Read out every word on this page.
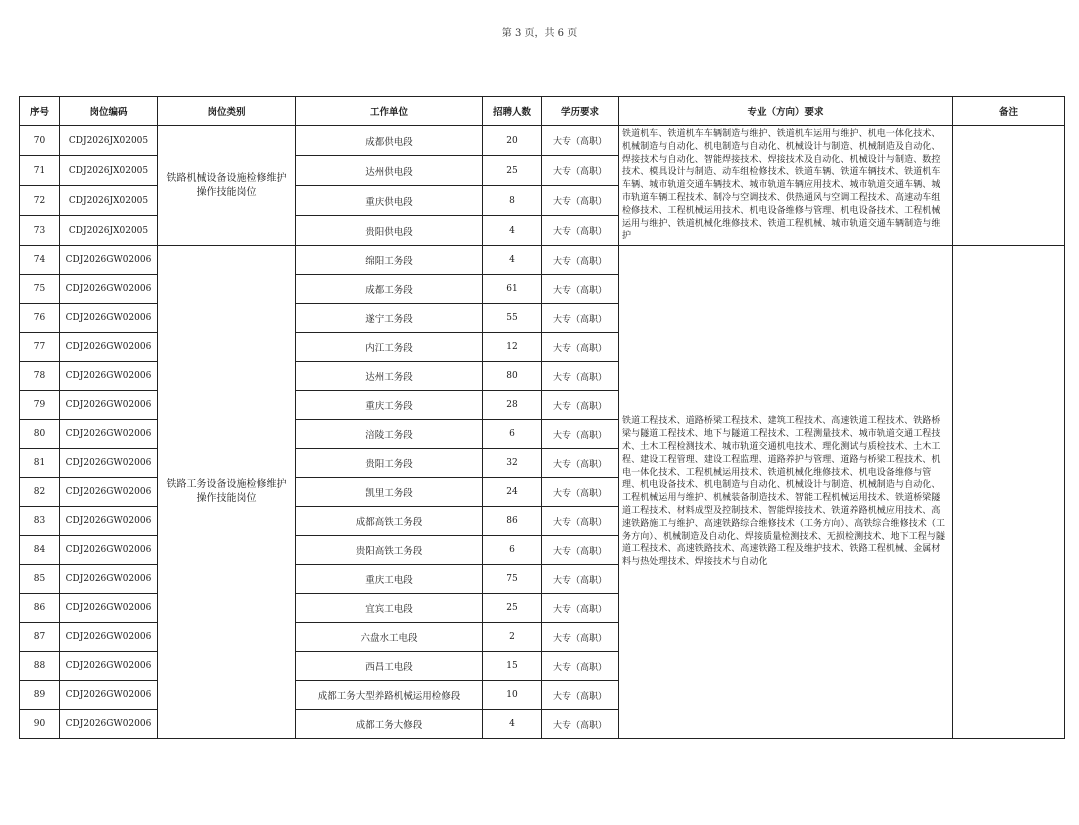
第 3 页，共 6 页
序号	岗位编码	岗位类别	工作单位	招聘人数	学历要求	专业（方向）要求	备注
70	CDJ2026JX02005	铁路机械设备设施检修维护操作技能岗位	成都供电段	20	大专（高职）	铁道机车、铁道机车车辆制造与维护、铁道机车运用与维护、机电一体化技术、机械制造与自动化、机电制造与自动化、机械设计与制造、机械制造及自动化、焊接技术与自动化、智能焊接技术、焊接技术及自动化、机械设计与制造、数控技术、模具设计与制造、动车组检修技术、铁道车辆、铁道车辆技术、铁道机车车辆、城市轨道交通车辆技术、城市轨道车辆应用技术、城市轨道交通车辆、城市轨道车辆工程技术、制冷与空调技术、供热通风与空调工程技术、高速动车组检修技术、工程机械运用技术、机电设备维修与管理、机电设备技术、工程机械运用与维护、铁道机械化维修技术、铁道工程机械、城市轨道交通车辆制造与维护	
71	CDJ2026JX02005		达州供电段	25	大专（高职）		
72	CDJ2026JX02005		重庆供电段	8	大专（高职）		
73	CDJ2026JX02005		贵阳供电段	4	大专（高职）		
74	CDJ2026GW02006	铁路工务设备设施检修维护操作技能岗位	绵阳工务段	4	大专（高职）	铁道工程技术、道路桥梁工程技术、建筑工程技术、高速铁道工程技术、铁路桥梁与隧道工程技术、地下与隧道工程技术、工程测量技术、城市轨道交通工程技术、土木工程检测技术、城市轨道交通机电技术、理化测试与质检技术、土木工程、建设工程管理、建设工程监理、道路养护与管理、道路与桥梁工程技术、机电一体化技术、工程机械运用技术、铁道机械化维修技术、机电设备维修与管理、机电设备技术、机电制造与自动化、机械设计与制造、机械制造与自动化、工程机械运用与维护、机械装备制造技术、智能工程机械运用技术、铁道桥梁隧道工程技术、材料成型及控制技术、智能焊接技术、铁道养路机械应用技术、高速铁路施工与维护、高速铁路综合维修技术（工务方向）、高铁综合维修技术（工务方向）、机械制造及自动化、焊接质量检测技术、无损检测技术、地下工程与隧道工程技术、高速铁路技术、高速铁路工程及维护技术、铁路工程机械、金属材料与热处理技术、焊接技术与自动化	
75	CDJ2026GW02006		成都工务段	61	大专（高职）		
76	CDJ2026GW02006		遂宁工务段	55	大专（高职）		
77	CDJ2026GW02006		内江工务段	12	大专（高职）		
78	CDJ2026GW02006		达州工务段	80	大专（高职）		
79	CDJ2026GW02006		重庆工务段	28	大专（高职）		
80	CDJ2026GW02006		涪陵工务段	6	大专（高职）		
81	CDJ2026GW02006		贵阳工务段	32	大专（高职）		
82	CDJ2026GW02006		凯里工务段	24	大专（高职）		
83	CDJ2026GW02006		成都高铁工务段	86	大专（高职）		
84	CDJ2026GW02006		贵阳高铁工务段	6	大专（高职）		
85	CDJ2026GW02006		重庆工电段	75	大专（高职）		
86	CDJ2026GW02006		宜宾工电段	25	大专（高职）		
87	CDJ2026GW02006		六盘水工电段	2	大专（高职）		
88	CDJ2026GW02006		西昌工电段	15	大专（高职）		
89	CDJ2026GW02006		成都工务大型养路机械运用检修段	10	大专（高职）		
90	CDJ2026GW02006		成都工务大修段	4	大专（高职）		
